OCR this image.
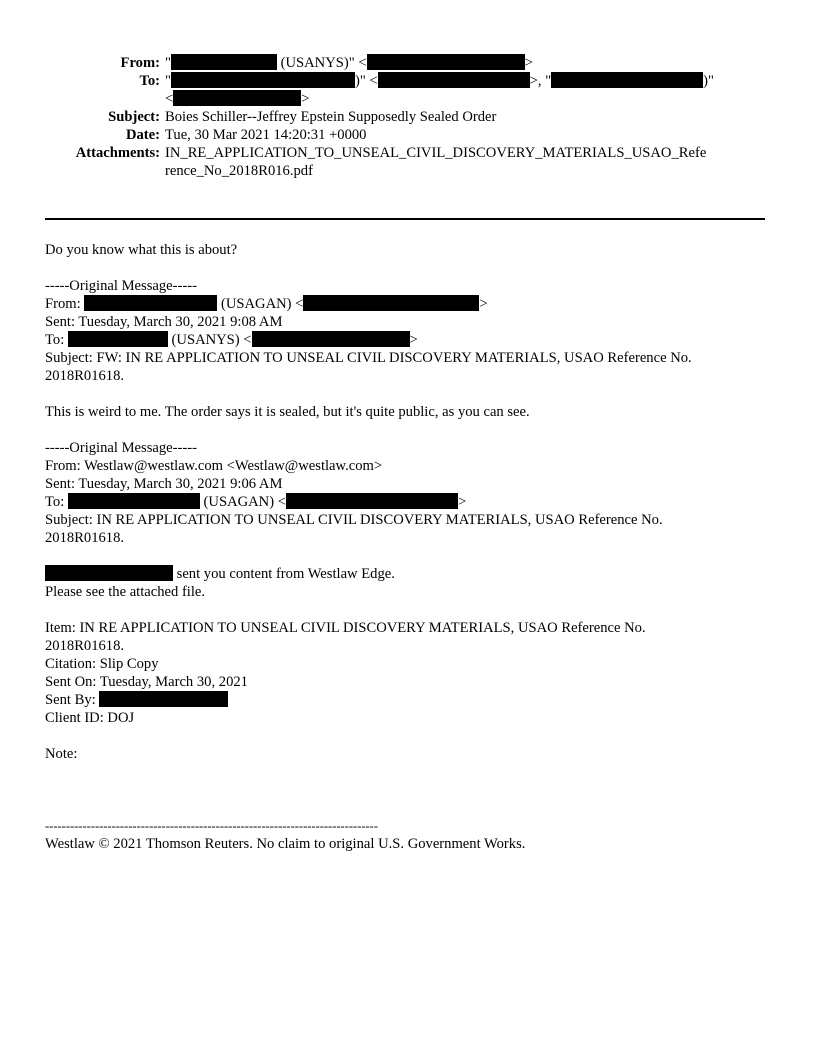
From: "	(USANYS)" <	>
To: "	)" <	>, "	)"
<	>
Subject: Boies Schiller--Jeffrey Epstein Supposedly Sealed Order
Date: Tue, 30 Mar 2021 14:20:31 +0000
Attachments: IN_RE_APPLICATION_TO_UNSEAL_CIVIL_DISCOVERY_MATERIALS_USAO_Refe
rence_No_2018R016.pdf
Do you know what this is about?
-----Original Message-----
From:	(USAGAN) <	>
Sent: Tuesday, March 30, 2021 9:08 AM
To:	(USANYS) <	>
Subject: FW: IN RE APPLICATION TO UNSEAL CIVIL DISCOVERY MATERIALS, USAO Reference No.
2018R01618.
This is weird to me. The order says it is sealed, but it's quite public, as you can see.
-----Original Message-----
From: Westlaw@westlaw.com <Westlaw@westlaw.com>
Sent: Tuesday, March 30, 2021 9:06 AM
To:	(USAGAN) <	>
Subject: IN RE APPLICATION TO UNSEAL CIVIL DISCOVERY MATERIALS, USAO Reference No.
2018R01618.
sent you content from Westlaw Edge.
Please see the attached file.
Item: IN RE APPLICATION TO UNSEAL CIVIL DISCOVERY MATERIALS, USAO Reference No.
2018R01618.
Citation: Slip Copy
Sent On: Tuesday, March 30, 2021
Sent By:
Client ID: DOJ
Note:
--------------------------------------------------------------------------------
Westlaw © 2021 Thomson Reuters. No claim to original U.S. Government Works.
